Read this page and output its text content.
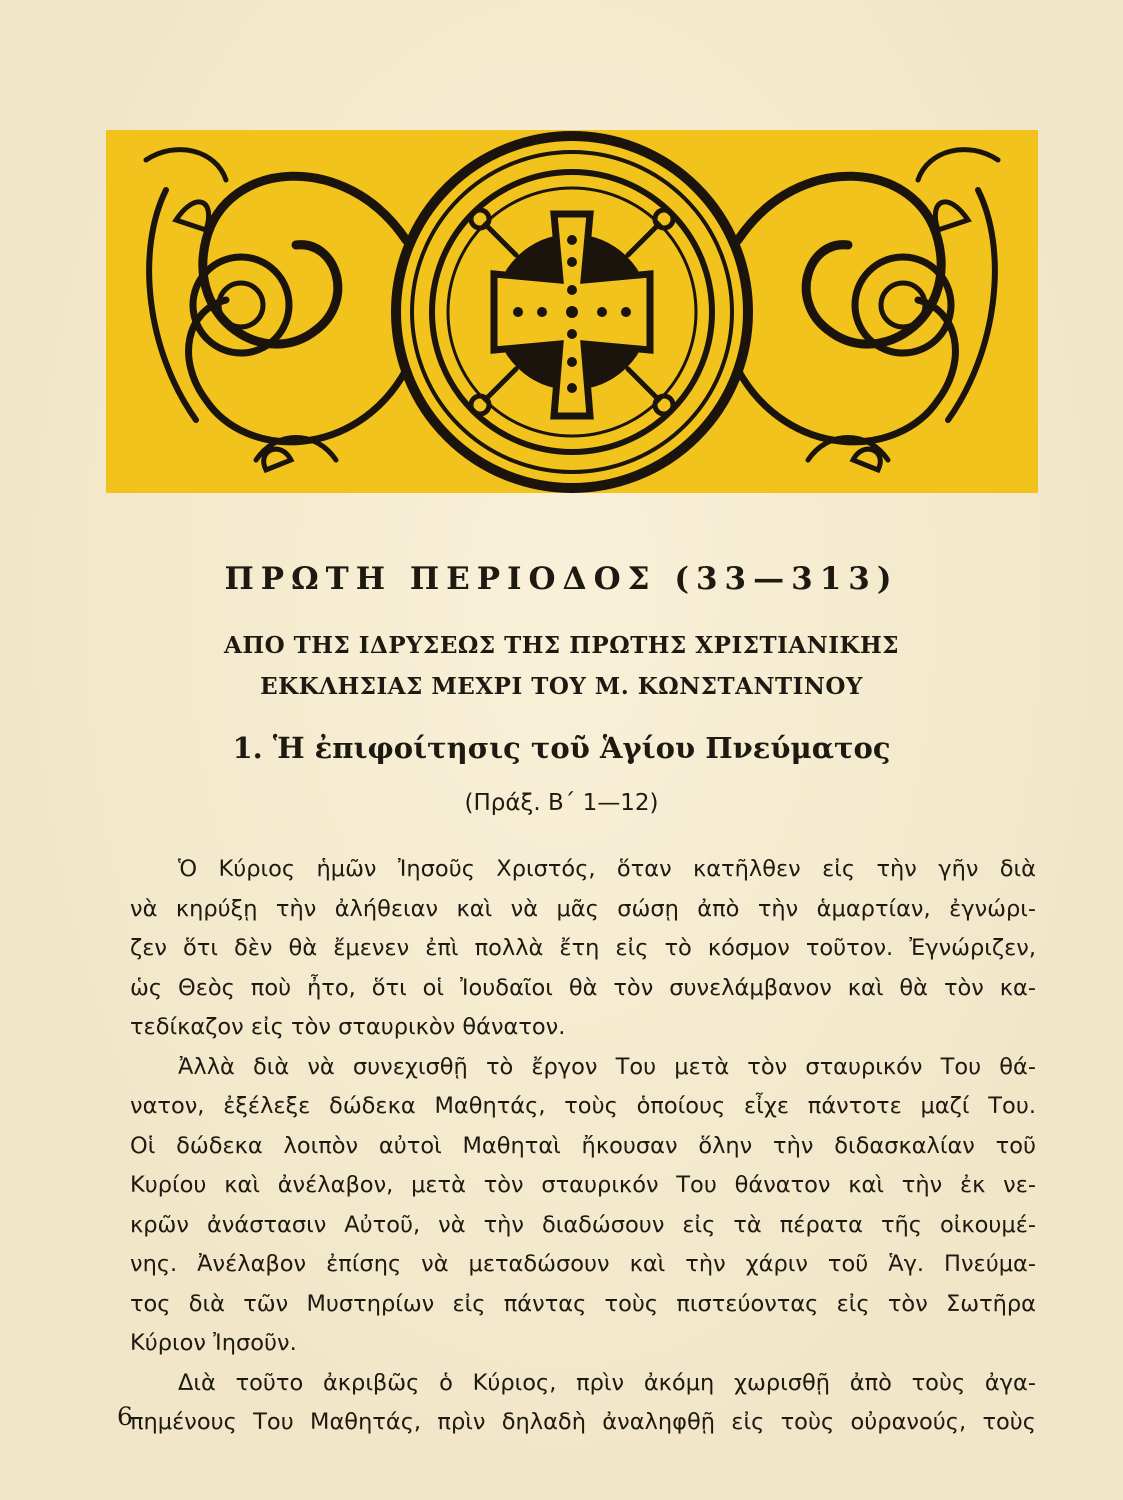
ΠΡΩΤΗ ΠΕΡΙΟΔΟΣ (33—313)
ΑΠΟ ΤΗΣ ΙΔΡΥΣΕΩΣ ΤΗΣ ΠΡΩΤΗΣ ΧΡΙΣΤΙΑΝΙΚΗΣ
ΕΚΚΛΗΣΙΑΣ ΜΕΧΡΙ ΤΟΥ Μ. ΚΩΝΣΤΑΝΤΙΝΟΥ
1. Ἡ ἐπιφοίτησις τοῦ Ἁγίου Πνεύματος

(Πράξ. Β΄ 1—12)

Ὁ Κύριος ἡμῶν Ἰησοῦς Χριστός, ὅταν κατῆλθεν εἰς τὴν γῆν διὰ
νὰ κηρύξῃ τὴν ἀλήθειαν καὶ νὰ μᾶς σώσῃ ἀπὸ τὴν ἁμαρτίαν, ἐγνώρι-
ζεν ὅτι δὲν θὰ ἔμενεν ἐπὶ πολλὰ ἔτη εἰς τὸ κόσμον τοῦτον. Ἐγνώριζεν,
ὡς Θεὸς ποὺ ἦτο, ὅτι οἱ Ἰουδαῖοι θὰ τὸν συνελάμβανον καὶ θὰ τὸν κα-
τεδίκαζον εἰς τὸν σταυρικὸν θάνατον.
Ἀλλὰ διὰ νὰ συνεχισθῇ τὸ ἔργον Του μετὰ τὸν σταυρικόν Του θά-
νατον, ἐξέλεξε δώδεκα Μαθητάς, τοὺς ὁποίους εἶχε πάντοτε μαζί Του.
Οἱ δώδεκα λοιπὸν αὐτοὶ Μαθηταὶ ἤκουσαν ὅλην τὴν διδασκαλίαν τοῦ
Κυρίου καὶ ἀνέλαβον, μετὰ τὸν σταυρικόν Του θάνατον καὶ τὴν ἐκ νε-
κρῶν ἀνάστασιν Αὐτοῦ, νὰ τὴν διαδώσουν εἰς τὰ πέρατα τῆς οἰκουμέ-
νης. Ἀνέλαβον ἐπίσης νὰ μεταδώσουν καὶ τὴν χάριν τοῦ Ἁγ. Πνεύμα-
τος διὰ τῶν Μυστηρίων εἰς πάντας τοὺς πιστεύοντας εἰς τὸν Σωτῆρα
Κύριον Ἰησοῦν.
Διὰ τοῦτο ἀκριβῶς ὁ Κύριος, πρὶν ἀκόμη χωρισθῇ ἀπὸ τοὺς ἀγα-
πημένους Του Μαθητάς, πρὶν δηλαδὴ ἀναληφθῇ εἰς τοὺς οὐρανούς, τοὺς

6
